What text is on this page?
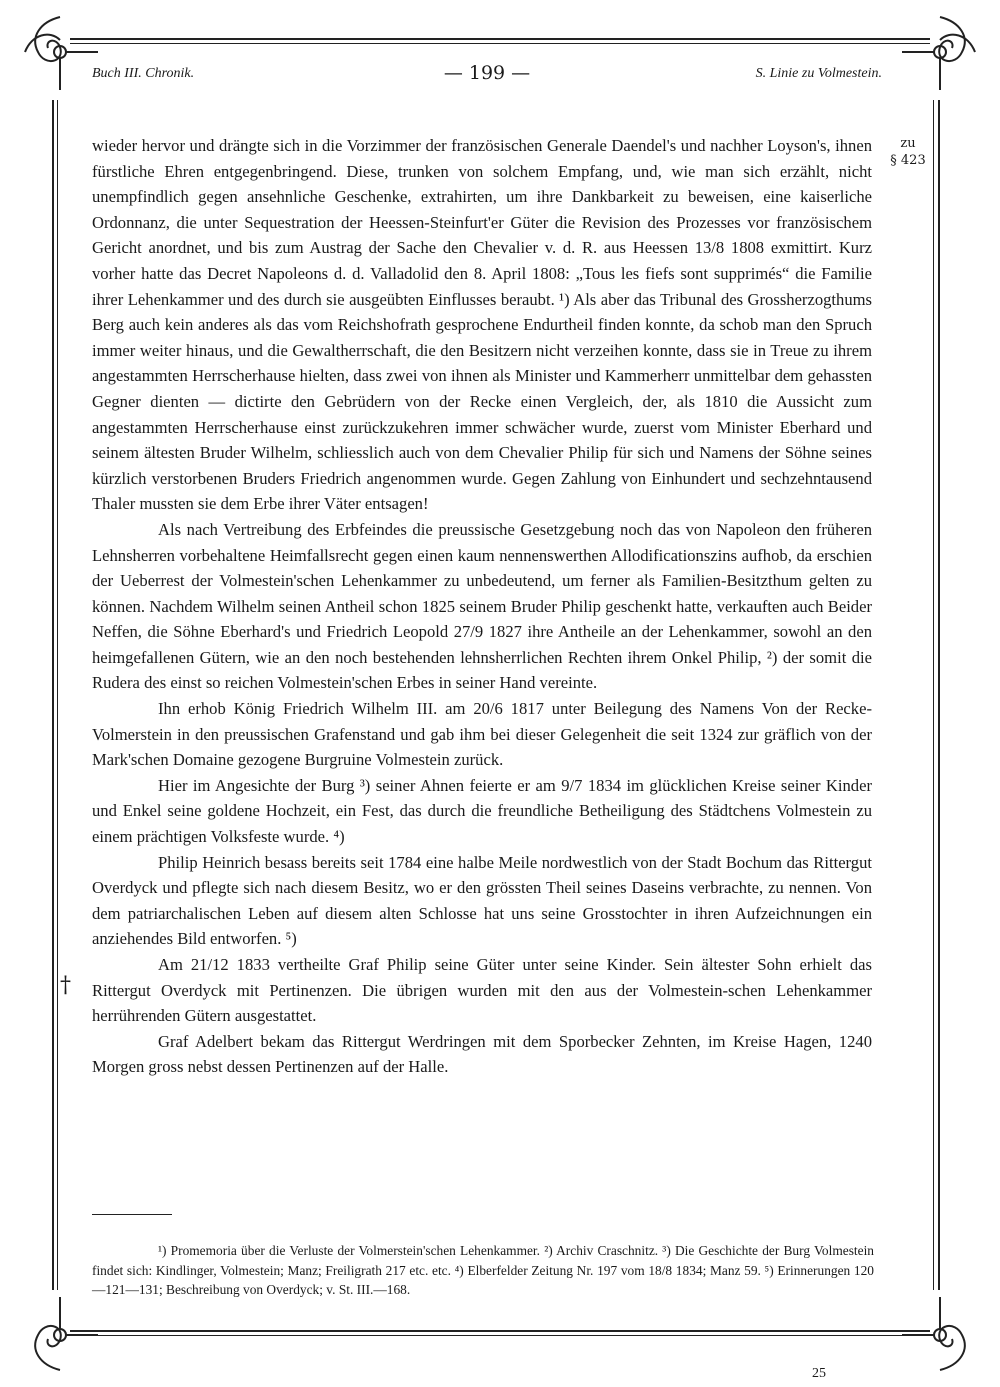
Buch III. Chronik.	— 199 —	S. Linie zu Volmestein.
zu
§ 423
†

wieder hervor und drängte sich in die Vorzimmer der französischen Generale Daendel's und nachher Loyson's, ihnen fürstliche Ehren entgegenbringend. Diese, trunken von solchem Empfang, und, wie man sich erzählt, nicht unempfindlich gegen ansehnliche Geschenke, extrahirten, um ihre Dankbarkeit zu beweisen, eine kaiserliche Ordonnanz, die unter Sequestration der Heessen-Steinfurt'er Güter die Revision des Prozesses vor französischem Gericht anordnet, und bis zum Austrag der Sache den Chevalier v. d. R. aus Heessen 13/8 1808 exmittirt. Kurz vorher hatte das Decret Napoleons d. d. Valladolid den 8. April 1808: „Tous les fiefs sont supprimés“ die Familie ihrer Lehenkammer und des durch sie ausgeübten Einflusses beraubt. ¹) Als aber das Tribunal des Grossherzogthums Berg auch kein anderes als das vom Reichshofrath gesprochene Endurtheil finden konnte, da schob man den Spruch immer weiter hinaus, und die Gewaltherrschaft, die den Besitzern nicht verzeihen konnte, dass sie in Treue zu ihrem angestammten Herrscherhause hielten, dass zwei von ihnen als Minister und Kammerherr unmittelbar dem gehassten Gegner dienten — dictirte den Gebrüdern von der Recke einen Vergleich, der, als 1810 die Aussicht zum angestammten Herrscherhause einst zurückzukehren immer schwächer wurde, zuerst vom Minister Eberhard und seinem ältesten Bruder Wilhelm, schliesslich auch von dem Chevalier Philip für sich und Namens der Söhne seines kürzlich verstorbenen Bruders Friedrich angenommen wurde. Gegen Zahlung von Einhundert und sechzehntausend Thaler mussten sie dem Erbe ihrer Väter entsagen!

Als nach Vertreibung des Erbfeindes die preussische Gesetzgebung noch das von Napoleon den früheren Lehnsherren vorbehaltene Heimfallsrecht gegen einen kaum nennenswerthen Allodificationszins aufhob, da erschien der Ueberrest der Volmestein'schen Lehenkammer zu unbedeutend, um ferner als Familien-Besitzthum gelten zu können. Nachdem Wilhelm seinen Antheil schon 1825 seinem Bruder Philip geschenkt hatte, verkauften auch Beider Neffen, die Söhne Eberhard's und Friedrich Leopold 27/9 1827 ihre Antheile an der Lehenkammer, sowohl an den heimgefallenen Gütern, wie an den noch bestehenden lehnsherrlichen Rechten ihrem Onkel Philip, ²) der somit die Rudera des einst so reichen Volmestein'schen Erbes in seiner Hand vereinte.

Ihn erhob König Friedrich Wilhelm III. am 20/6 1817 unter Beilegung des Namens Von der Recke-Volmerstein in den preussischen Grafenstand und gab ihm bei dieser Gelegenheit die seit 1324 zur gräflich von der Mark'schen Domaine gezogene Burgruine Volmestein zurück.

Hier im Angesichte der Burg ³) seiner Ahnen feierte er am 9/7 1834 im glücklichen Kreise seiner Kinder und Enkel seine goldene Hochzeit, ein Fest, das durch die freundliche Betheiligung des Städtchens Volmestein zu einem prächtigen Volksfeste wurde. ⁴)

Philip Heinrich besass bereits seit 1784 eine halbe Meile nordwestlich von der Stadt Bochum das Rittergut Overdyck und pflegte sich nach diesem Besitz, wo er den grössten Theil seines Daseins verbrachte, zu nennen. Von dem patriarchalischen Leben auf diesem alten Schlosse hat uns seine Grosstochter in ihren Aufzeichnungen ein anziehendes Bild entworfen. ⁵)

Am 21/12 1833 vertheilte Graf Philip seine Güter unter seine Kinder. Sein ältester Sohn erhielt das Rittergut Overdyck mit Pertinenzen. Die übrigen wurden mit den aus der Volmestein-schen Lehenkammer herrührenden Gütern ausgestattet.

Graf Adelbert bekam das Rittergut Werdringen mit dem Sporbecker Zehnten, im Kreise Hagen, 1240 Morgen gross nebst dessen Pertinenzen auf der Halle.

¹) Promemoria über die Verluste der Volmerstein'schen Lehenkammer. ²) Archiv Craschnitz. ³) Die Geschichte der Burg Volmestein findet sich: Kindlinger, Volmestein; Manz; Freiligrath 217 etc. etc. ⁴) Elberfelder Zeitung Nr. 197 vom 18/8 1834; Manz 59. ⁵) Erinnerungen 120—121—131; Beschreibung von Overdyck; v. St. III.—168.

25
